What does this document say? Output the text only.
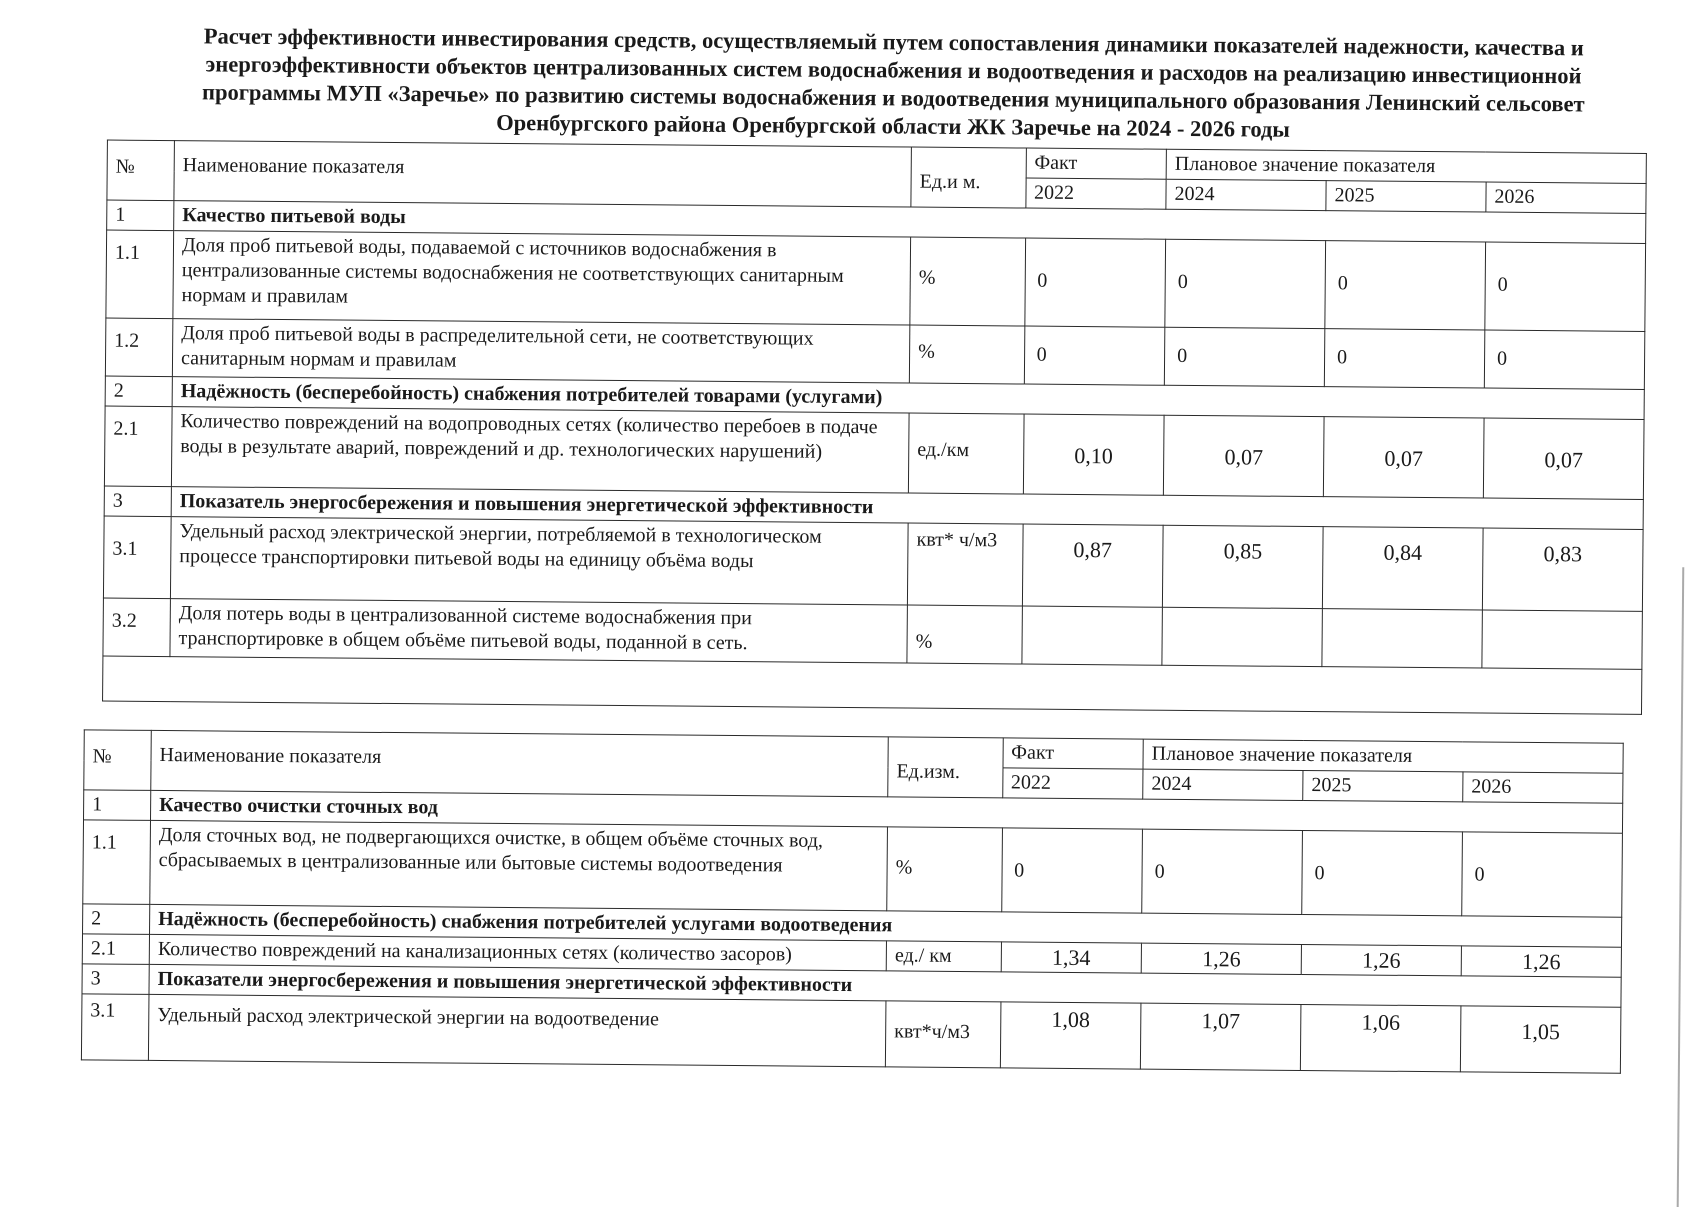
Расчет эффективности инвестирования средств, осуществляемый путем сопоставления динамики показателей надежности, качества и
энергоэффективности объектов централизованных систем водоснабжения и водоотведения и расходов на реализацию инвестиционной
программы МУП «Заречье» по развитию системы водоснабжения и водоотведения муниципального образования Ленинский сельсовет
Оренбургского района Оренбургской области ЖК Заречье на 2024 - 2026 годы
№	Наименование показателя	Ед.и м.	Факт	Плановое значение показателя		
			2022	2024	2025	2026
1	Качество питьевой воды					
1.1	Доля проб питьевой воды, подаваемой с источников водоснабжения в централизованные системы водоснабжения не соответствующих санитарным нормам и правилам	%	0	0	0	0
1.2	Доля проб питьевой воды в распределительной сети, не соответствующих санитарным нормам и правилам	%	0	0	0	0
2	Надёжность (бесперебойность) снабжения потребителей товарами (услугами)					
2.1	Количество повреждений на водопроводных сетях (количество перебоев в подаче воды в результате аварий, повреждений и др. технологических нарушений)	ед./км	0,10	0,07	0,07	0,07
3	Показатель энергосбережения и повышения энергетической эффективности					
3.1	Удельный расход электрической энергии, потребляемой в технологическом процессе транспортировки питьевой воды на единицу объёма воды	квт* ч/м3	0,87	0,85	0,84	0,83
3.2	Доля потерь воды в централизованной системе водоснабжения при транспортировке в общем объёме питьевой воды, поданной в сеть.	%				

№	Наименование показателя	Ед.изм.	Факт	Плановое значение показателя		
			2022	2024	2025	2026
1	Качество очистки сточных вод					
1.1	Доля сточных вод, не подвергающихся очистке, в общем объёме сточных вод, сбрасываемых в централизованные или бытовые системы водоотведения	%	0	0	0	0
2	Надёжность (бесперебойность) снабжения потребителей услугами водоотведения					
2.1	Количество повреждений на канализационных сетях (количество засоров)	ед./ км	1,34	1,26	1,26	1,26
3	Показатели энергосбережения и повышения энергетической эффективности					
3.1	Удельный расход электрической энергии на водоотведение	квт*ч/м3	1,08	1,07	1,06	1,05
